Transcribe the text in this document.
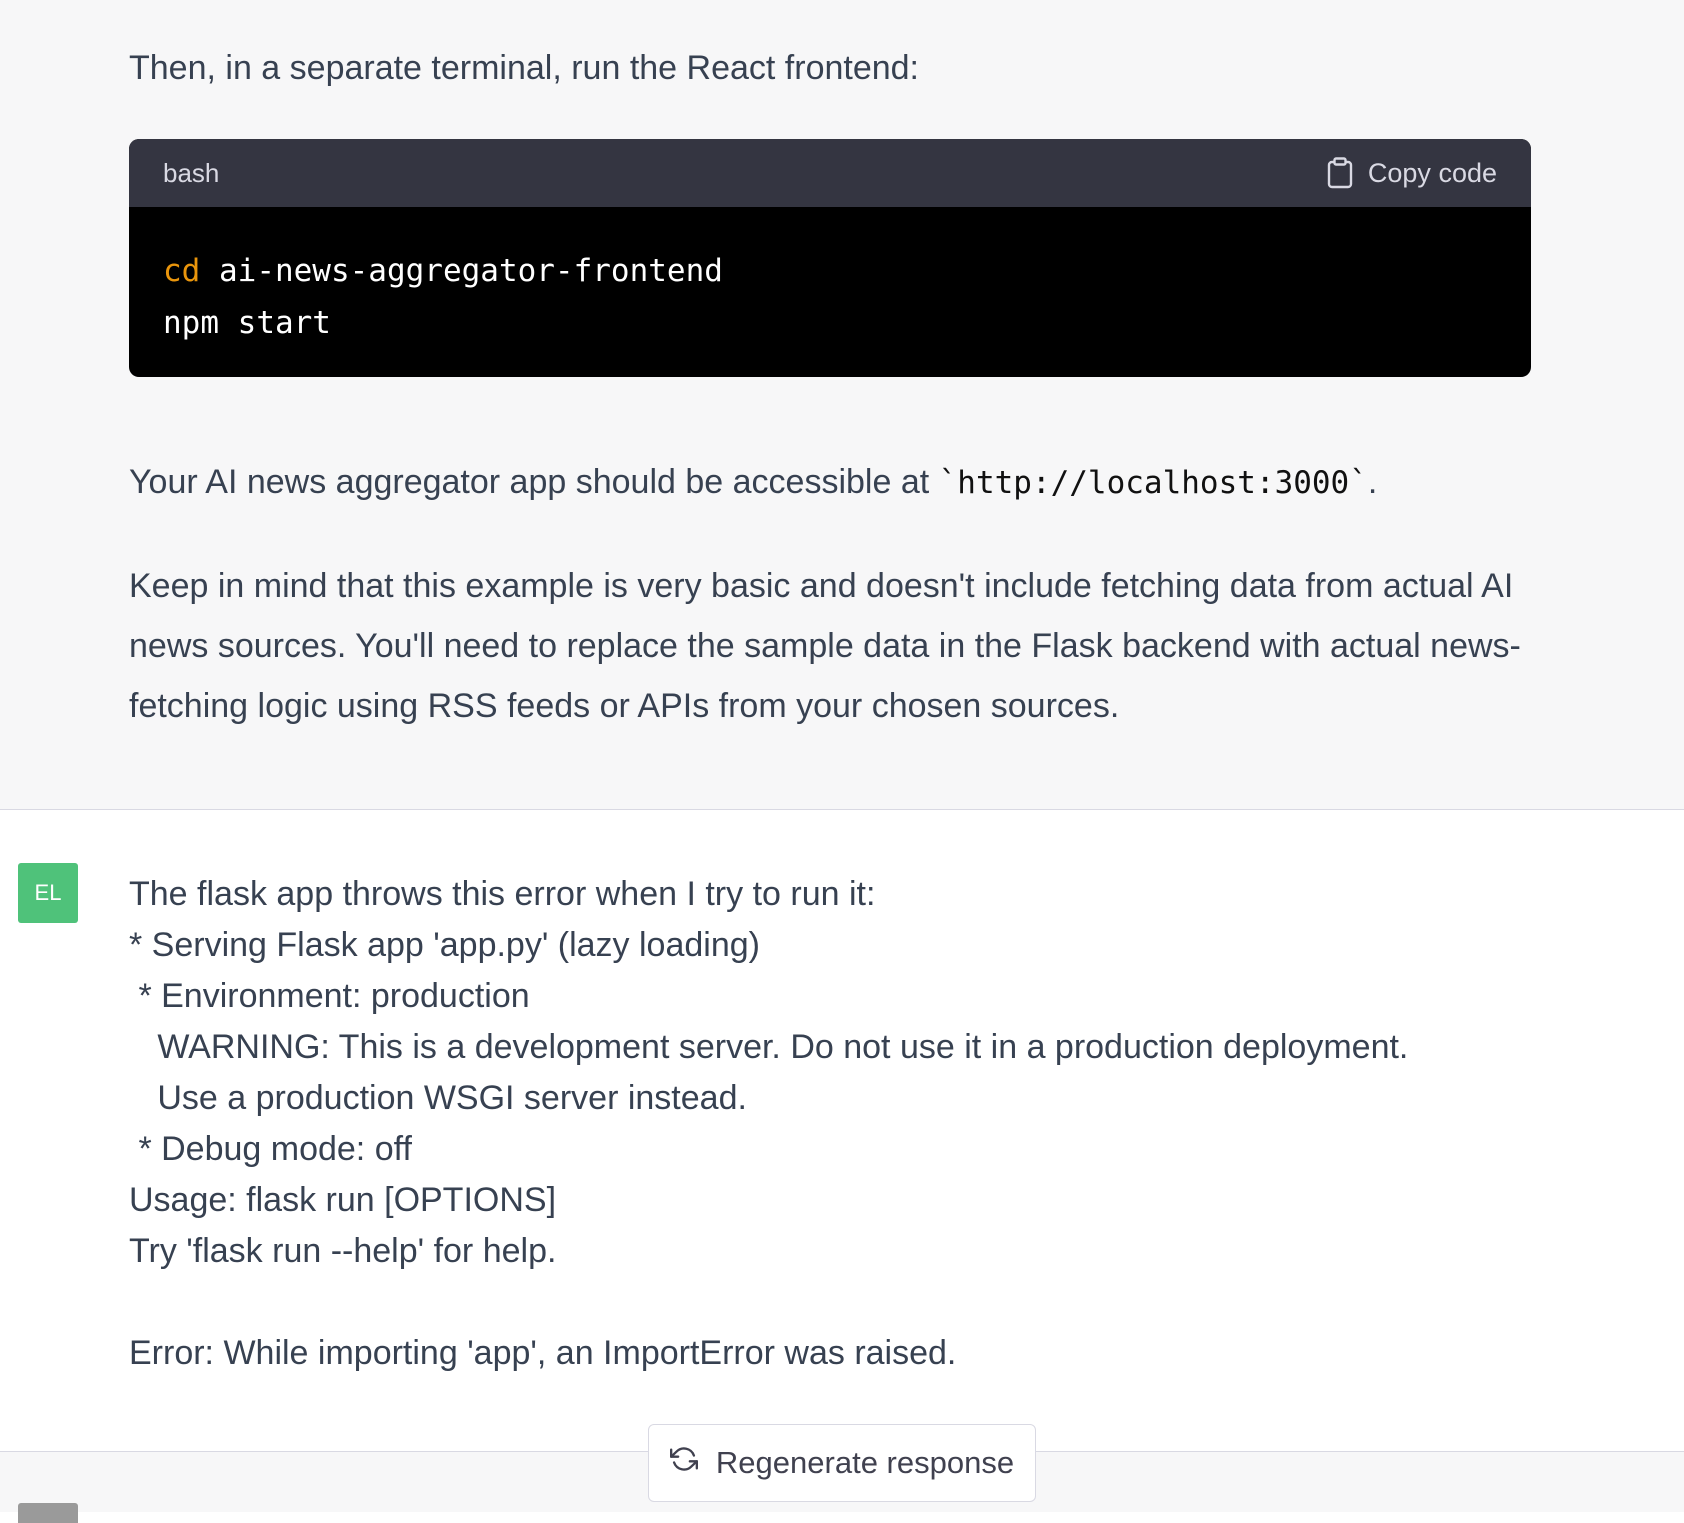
Then, in a separate terminal, run the React frontend:

bash	Copy code
cd ai-news-aggregator-frontend
npm start

Your AI news aggregator app should be accessible at `http://localhost:3000`.

Keep in mind that this example is very basic and doesn't include fetching data from actual AI news sources. You'll need to replace the sample data in the Flask backend with actual news-fetching logic using RSS feeds or APIs from your chosen sources.

EL	The flask app throws this error when I try to run it:
* Serving Flask app 'app.py' (lazy loading)
* Environment: production
WARNING: This is a development server. Do not use it in a production deployment.
Use a production WSGI server instead.
* Debug mode: off
Usage: flask run [OPTIONS]
Try 'flask run --help' for help.

Error: While importing 'app', an ImportError was raised.

Regenerate response
